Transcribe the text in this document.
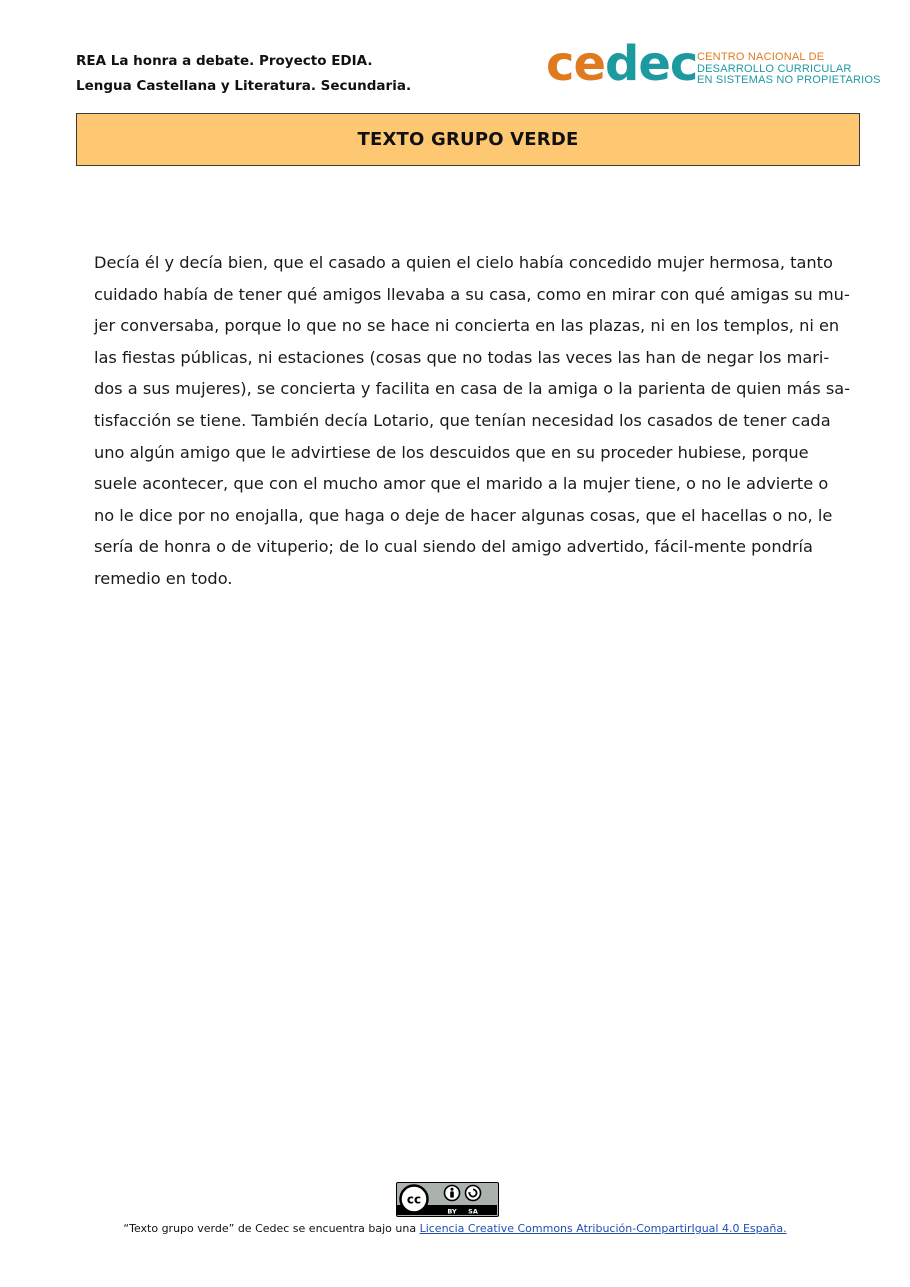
REA La honra a debate. Proyecto EDIA.
Lengua Castellana y Literatura. Secundaria.	cedec CENTRO NACIONAL DE
DESARROLLO CURRICULAR
EN SISTEMAS NO PROPIETARIOS
TEXTO GRUPO VERDE
Decía él y decía bien, que el casado a quien el cielo había concedido mujer hermosa, tanto
cuidado había de tener qué amigos llevaba a su casa, como en mirar con qué amigas su mu-
jer conversaba, porque lo que no se hace ni concierta en las plazas, ni en los templos, ni en
las fiestas públicas, ni estaciones (cosas que no todas las veces las han de negar los mari-
dos a sus mujeres), se concierta y facilita en casa de la amiga o la parienta de quien más sa-
tisfacción se tiene. También decía Lotario, que tenían necesidad los casados de tener cada
uno algún amigo que le advirtiese de los descuidos que en su proceder hubiese, porque
suele acontecer, que con el mucho amor que el marido a la mujer tiene, o no le advierte o
no le dice por no enojalla, que haga o deje de hacer algunas cosas, que el hacellas o no, le
sería de honra o de vituperio; de lo cual siendo del amigo advertido, fácil-mente pondría
remedio en todo.
cc
BY SA
“Texto grupo verde” de Cedec se encuentra bajo una Licencia Creative Commons Atribución-CompartirIgual 4.0 España.
